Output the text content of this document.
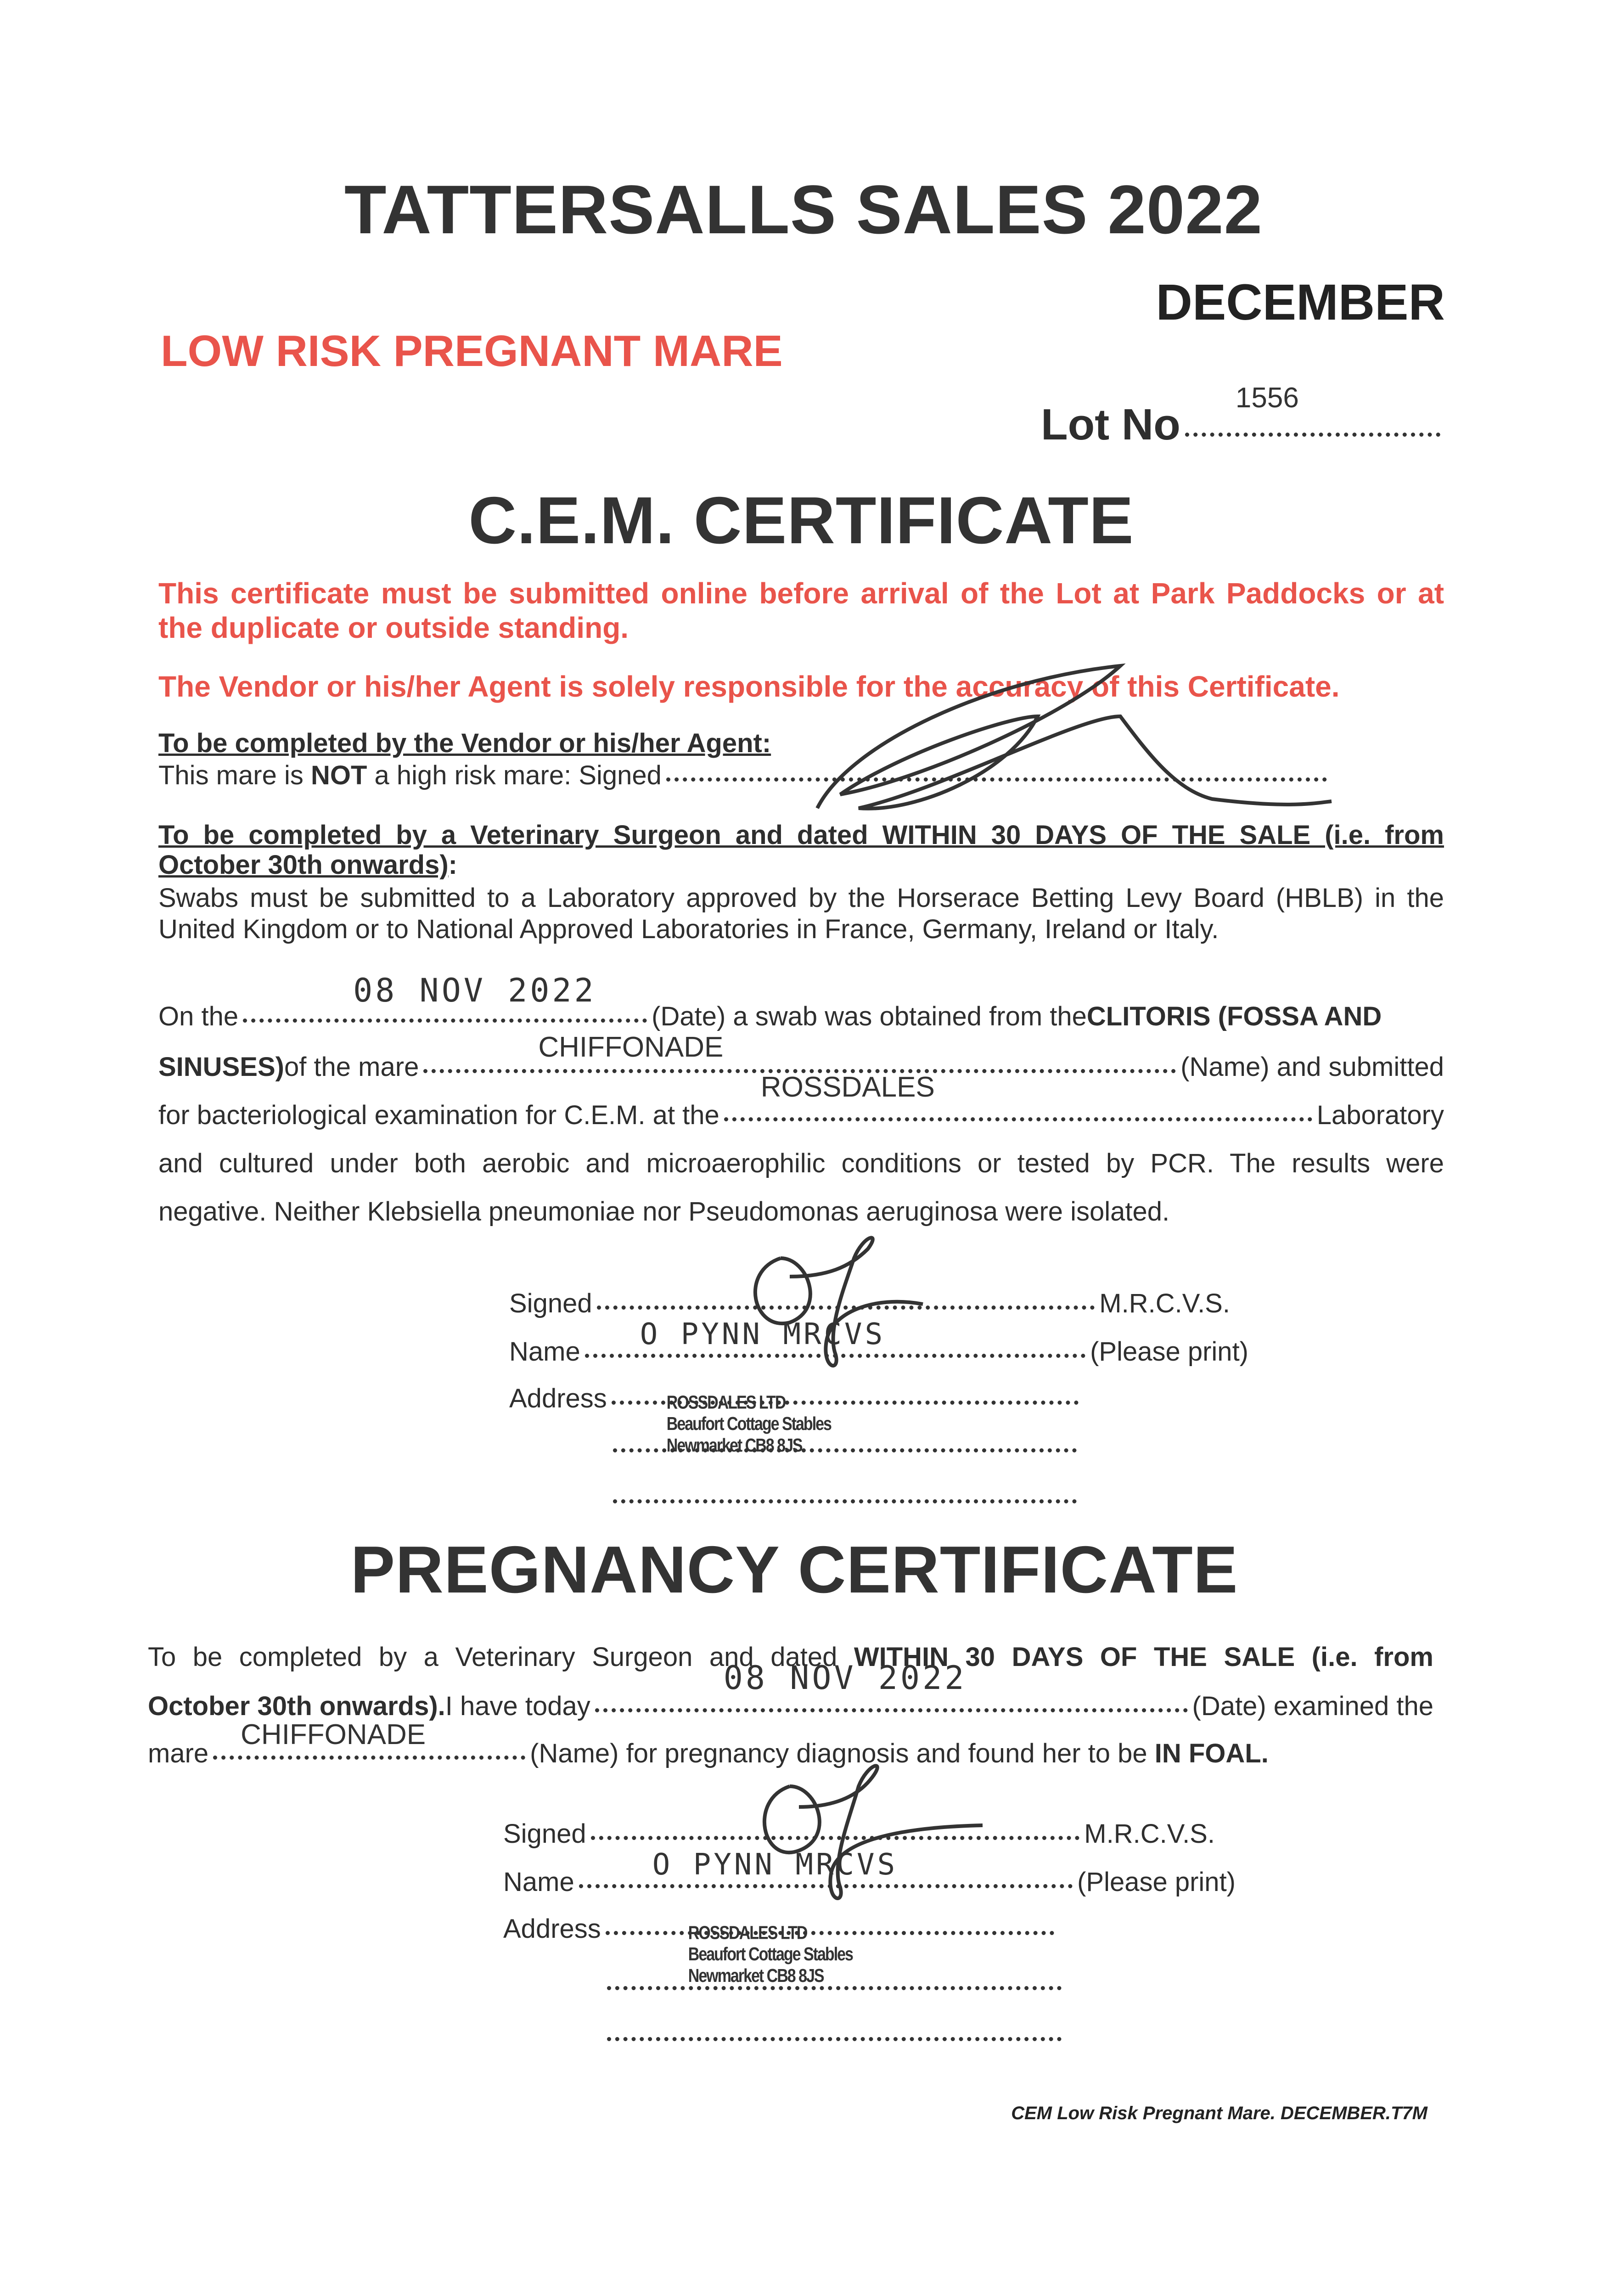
TATTERSALLS SALES 2022
DECEMBER
LOW RISK PREGNANT MARE
Lot No
1556
C.E.M. CERTIFICATE
This certificate must be submitted online before arrival of the Lot at Park Paddocks or at
the duplicate or outside standing.
The Vendor or his/her Agent is solely responsible for the accuracy of this Certificate.
To be completed by the Vendor or his/her Agent:
This mare is NOT a high risk mare: Signed
To be completed by a Veterinary Surgeon and dated WITHIN 30 DAYS OF THE SALE (i.e. from
October 30th onwards) :
Swabs must be submitted to a Laboratory approved by the Horserace Betting Levy Board (HBLB) in the
United Kingdom or to National Approved Laboratories in France, Germany, Ireland or Italy.
On the
08 NOV 2022
(Date) a swab was obtained from the CLITORIS (FOSSA AND
SINUSES) of the mare
CHIFFONADE
(Name) and submitted
for bacteriological examination for C.E.M. at the
ROSSDALES
Laboratory
and cultured under both aerobic and microaerophilic conditions or tested by PCR. The results were
negative. Neither Klebsiella pneumoniae nor Pseudomonas aeruginosa were isolated.
Signed	M.R.C.V.S.
Name
O PYNN MRCVS
(Please print)
Address	ROSSDALES LTD
Beaufort Cottage Stables
Newmarket CB8 8JS
PREGNANCY CERTIFICATE
To be completed by a Veterinary Surgeon and dated WITHIN 30 DAYS OF THE SALE (i.e. from
October 30th onwards). I have today
08 NOV 2022
(Date) examined the
mare
CHIFFONADE
(Name) for pregnancy diagnosis and found her to be IN FOAL.
Signed	M.R.C.V.S.
Name
O PYNN MRCVS
(Please print)
Address	ROSSDALES LTD
Beaufort Cottage Stables
Newmarket CB8 8JS
CEM Low Risk Pregnant Mare. DECEMBER.T7M
